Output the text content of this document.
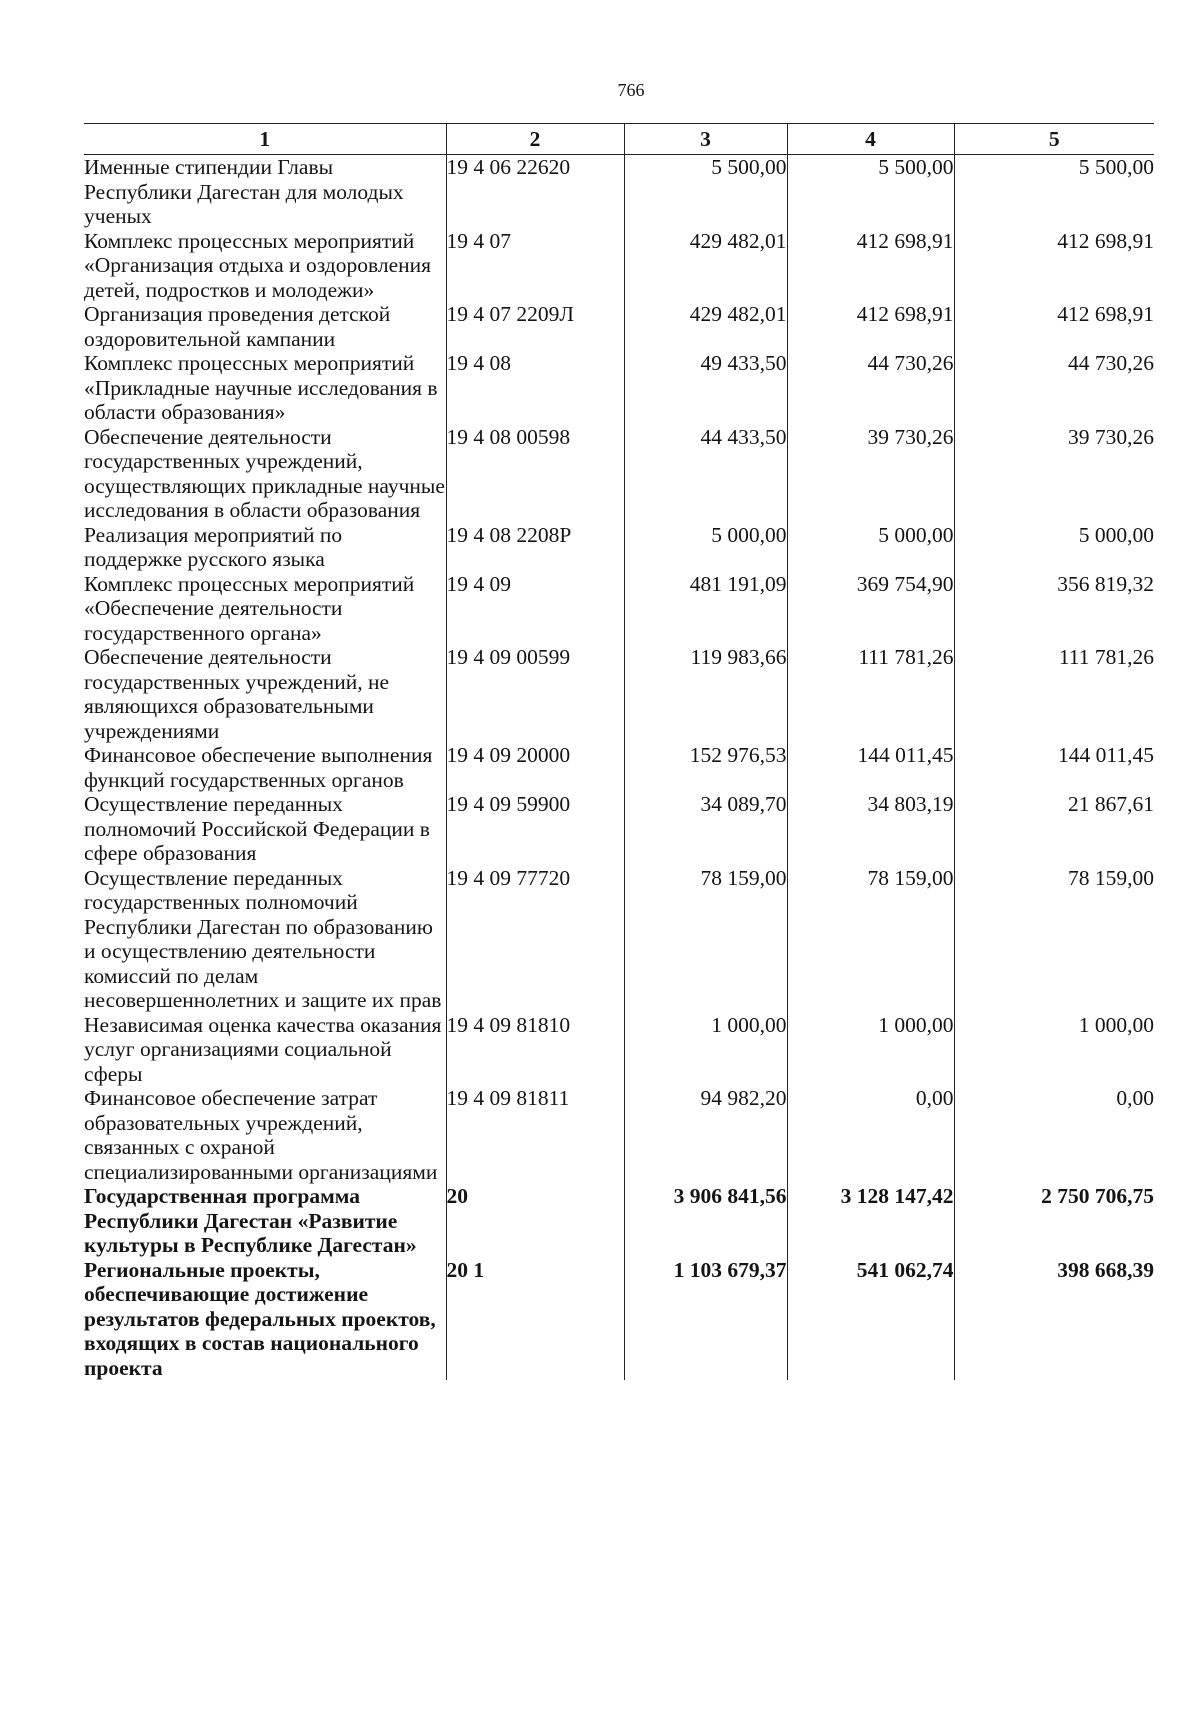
766
1	2	3	4	5
Именные стипендии Главы Республики Дагестан для молодых ученых	19 4 06 22620	5 500,00	5 500,00	5 500,00
Комплекс процессных мероприятий «Организация отдыха и оздоровления детей, подростков и молодежи»	19 4 07	429 482,01	412 698,91	412 698,91
Организация проведения детской оздоровительной кампании	19 4 07 2209Л	429 482,01	412 698,91	412 698,91
Комплекс процессных мероприятий «Прикладные научные исследования в области образования»	19 4 08	49 433,50	44 730,26	44 730,26
Обеспечение деятельности государственных учреждений, осуществляющих прикладные научные исследования в области образования	19 4 08 00598	44 433,50	39 730,26	39 730,26
Реализация мероприятий по поддержке русского языка	19 4 08 2208Р	5 000,00	5 000,00	5 000,00
Комплекс процессных мероприятий «Обеспечение деятельности государственного органа»	19 4 09	481 191,09	369 754,90	356 819,32
Обеспечение деятельности государственных учреждений, не являющихся образовательными учреждениями	19 4 09 00599	119 983,66	111 781,26	111 781,26
Финансовое обеспечение выполнения функций государственных органов	19 4 09 20000	152 976,53	144 011,45	144 011,45
Осуществление переданных полномочий Российской Федерации в сфере образования	19 4 09 59900	34 089,70	34 803,19	21 867,61
Осуществление переданных государственных полномочий Республики Дагестан по образованию и осуществлению деятельности комиссий по делам несовершеннолетних и защите их прав	19 4 09 77720	78 159,00	78 159,00	78 159,00
Независимая оценка качества оказания услуг организациями социальной сферы	19 4 09 81810	1 000,00	1 000,00	1 000,00
Финансовое обеспечение затрат образовательных учреждений, связанных с охраной специализированными организациями	19 4 09 81811	94 982,20	0,00	0,00
Государственная программа Республики Дагестан «Развитие культуры в Республике Дагестан»	20	3 906 841,56	3 128 147,42	2 750 706,75
Региональные проекты, обеспечивающие достижение результатов федеральных проектов, входящих в состав национального проекта	20 1	1 103 679,37	541 062,74	398 668,39
